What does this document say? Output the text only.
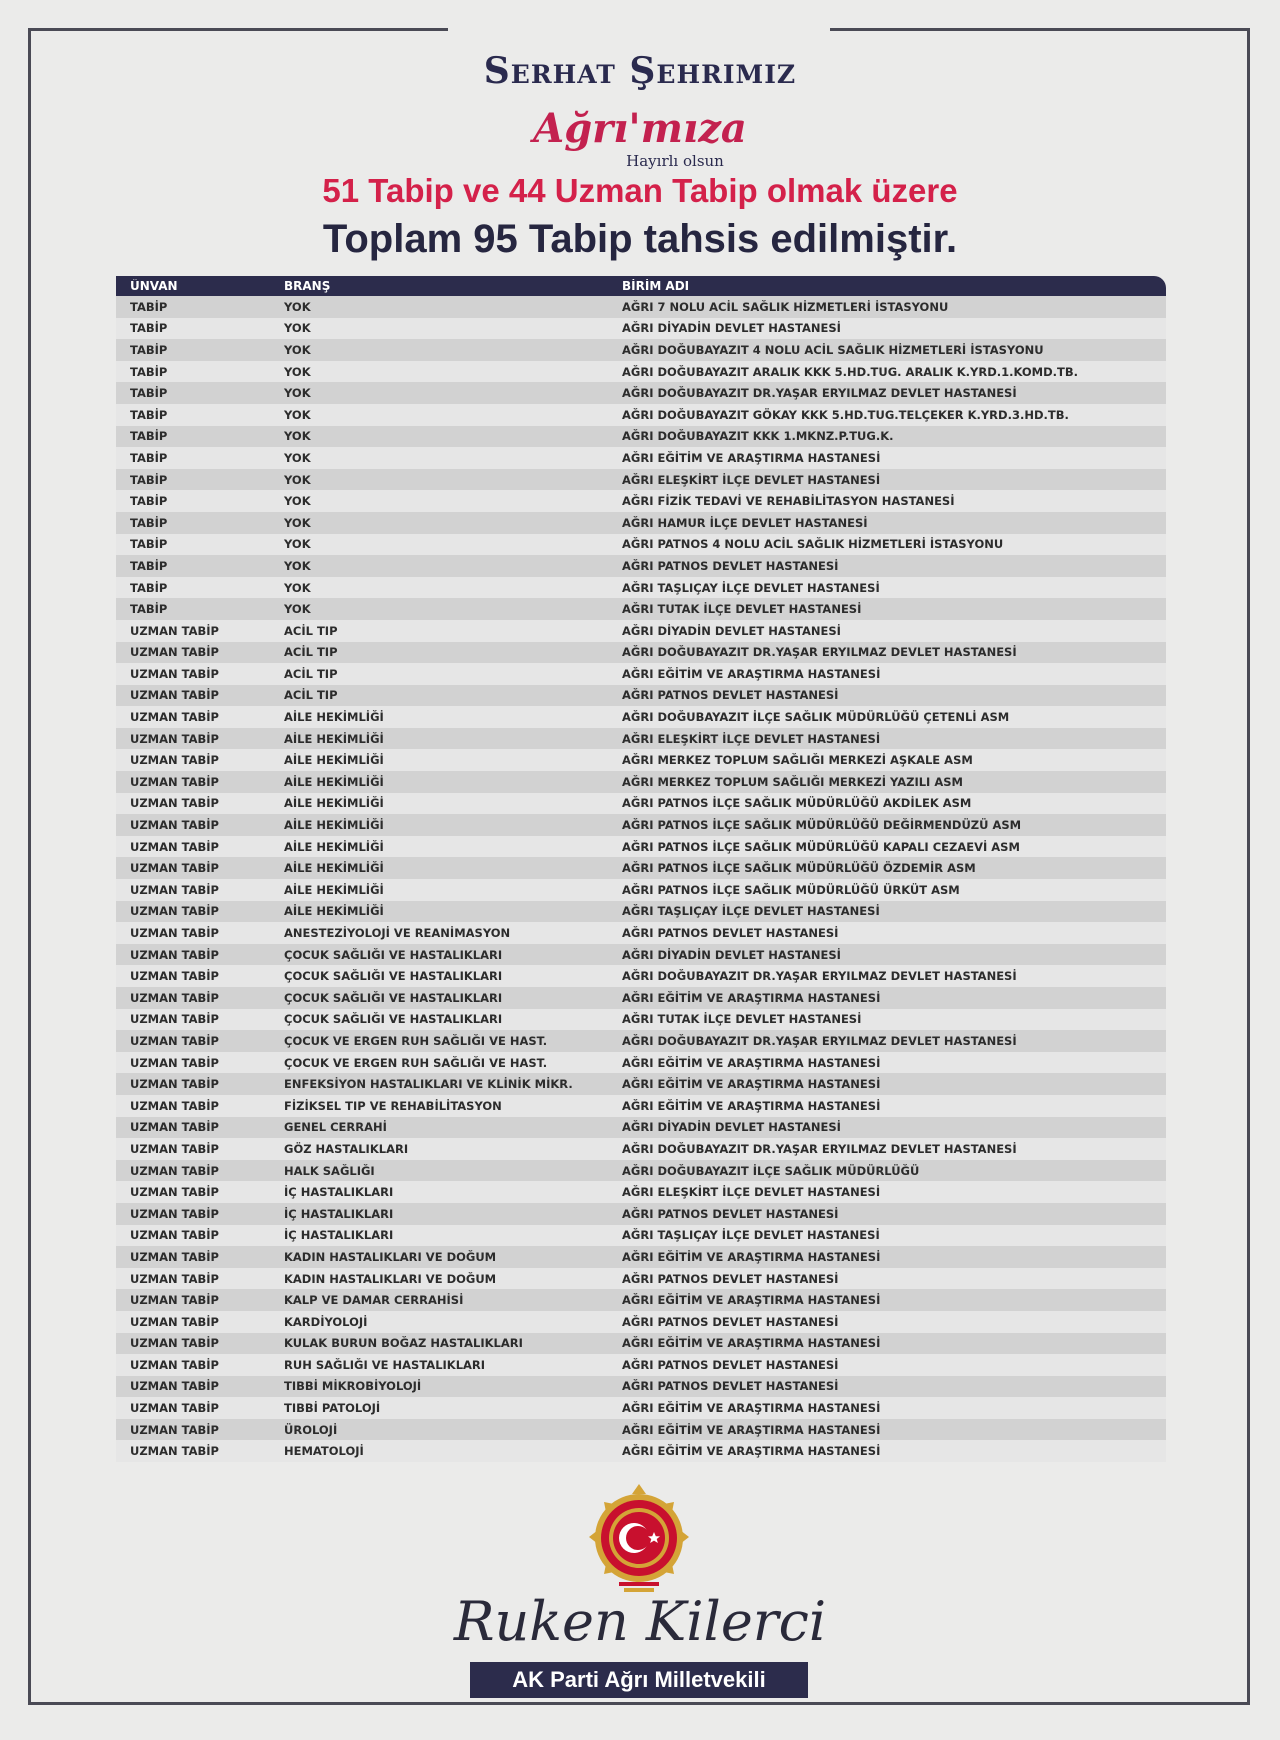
Serhat Şehrimiz
Ağrı'mıza
Hayırlı olsun
51 Tabip ve 44 Uzman Tabip olmak üzere
Toplam 95 Tabip tahsis edilmiştir.
ÜNVAN	BRANŞ	BİRİM ADI
TABİP	YOK	AĞRI 7 NOLU ACİL SAĞLIK HİZMETLERİ İSTASYONU
TABİP	YOK	AĞRI DİYADİN DEVLET HASTANESİ
TABİP	YOK	AĞRI DOĞUBAYAZIT 4 NOLU ACİL SAĞLIK HİZMETLERİ İSTASYONU
TABİP	YOK	AĞRI DOĞUBAYAZIT ARALIK KKK 5.HD.TUG. ARALIK K.YRD.1.KOMD.TB.
TABİP	YOK	AĞRI DOĞUBAYAZIT DR.YAŞAR ERYILMAZ DEVLET HASTANESİ
TABİP	YOK	AĞRI DOĞUBAYAZIT GÖKAY KKK 5.HD.TUG.TELÇEKER K.YRD.3.HD.TB.
TABİP	YOK	AĞRI DOĞUBAYAZIT KKK 1.MKNZ.P.TUG.K.
TABİP	YOK	AĞRI EĞİTİM VE ARAŞTIRMA HASTANESİ
TABİP	YOK	AĞRI ELEŞKİRT İLÇE DEVLET HASTANESİ
TABİP	YOK	AĞRI FİZİK TEDAVİ VE REHABİLİTASYON HASTANESİ
TABİP	YOK	AĞRI HAMUR İLÇE DEVLET HASTANESİ
TABİP	YOK	AĞRI PATNOS 4 NOLU ACİL SAĞLIK HİZMETLERİ İSTASYONU
TABİP	YOK	AĞRI PATNOS DEVLET HASTANESİ
TABİP	YOK	AĞRI TAŞLIÇAY İLÇE DEVLET HASTANESİ
TABİP	YOK	AĞRI TUTAK İLÇE DEVLET HASTANESİ
UZMAN TABİP	ACİL TIP	AĞRI DİYADİN DEVLET HASTANESİ
UZMAN TABİP	ACİL TIP	AĞRI DOĞUBAYAZIT DR.YAŞAR ERYILMAZ DEVLET HASTANESİ
UZMAN TABİP	ACİL TIP	AĞRI EĞİTİM VE ARAŞTIRMA HASTANESİ
UZMAN TABİP	ACİL TIP	AĞRI PATNOS DEVLET HASTANESİ
UZMAN TABİP	AİLE HEKİMLİĞİ	AĞRI DOĞUBAYAZIT İLÇE SAĞLIK MÜDÜRLÜĞÜ ÇETENLİ ASM
UZMAN TABİP	AİLE HEKİMLİĞİ	AĞRI ELEŞKİRT İLÇE DEVLET HASTANESİ
UZMAN TABİP	AİLE HEKİMLİĞİ	AĞRI MERKEZ TOPLUM SAĞLIĞI MERKEZİ AŞKALE ASM
UZMAN TABİP	AİLE HEKİMLİĞİ	AĞRI MERKEZ TOPLUM SAĞLIĞI MERKEZİ YAZILI ASM
UZMAN TABİP	AİLE HEKİMLİĞİ	AĞRI PATNOS İLÇE SAĞLIK MÜDÜRLÜĞÜ AKDİLEK ASM
UZMAN TABİP	AİLE HEKİMLİĞİ	AĞRI PATNOS İLÇE SAĞLIK MÜDÜRLÜĞÜ DEĞİRMENDÜZÜ ASM
UZMAN TABİP	AİLE HEKİMLİĞİ	AĞRI PATNOS İLÇE SAĞLIK MÜDÜRLÜĞÜ KAPALI CEZAEVİ ASM
UZMAN TABİP	AİLE HEKİMLİĞİ	AĞRI PATNOS İLÇE SAĞLIK MÜDÜRLÜĞÜ ÖZDEMİR ASM
UZMAN TABİP	AİLE HEKİMLİĞİ	AĞRI PATNOS İLÇE SAĞLIK MÜDÜRLÜĞÜ ÜRKÜT ASM
UZMAN TABİP	AİLE HEKİMLİĞİ	AĞRI TAŞLIÇAY İLÇE DEVLET HASTANESİ
UZMAN TABİP	ANESTEZİYOLOJİ VE REANİMASYON	AĞRI PATNOS DEVLET HASTANESİ
UZMAN TABİP	ÇOCUK SAĞLIĞI VE HASTALIKLARI	AĞRI DİYADİN DEVLET HASTANESİ
UZMAN TABİP	ÇOCUK SAĞLIĞI VE HASTALIKLARI	AĞRI DOĞUBAYAZIT DR.YAŞAR ERYILMAZ DEVLET HASTANESİ
UZMAN TABİP	ÇOCUK SAĞLIĞI VE HASTALIKLARI	AĞRI EĞİTİM VE ARAŞTIRMA HASTANESİ
UZMAN TABİP	ÇOCUK SAĞLIĞI VE HASTALIKLARI	AĞRI TUTAK İLÇE DEVLET HASTANESİ
UZMAN TABİP	ÇOCUK VE ERGEN RUH SAĞLIĞI VE HAST.	AĞRI DOĞUBAYAZIT DR.YAŞAR ERYILMAZ DEVLET HASTANESİ
UZMAN TABİP	ÇOCUK VE ERGEN RUH SAĞLIĞI VE HAST.	AĞRI EĞİTİM VE ARAŞTIRMA HASTANESİ
UZMAN TABİP	ENFEKSİYON HASTALIKLARI VE KLİNİK MİKR.	AĞRI EĞİTİM VE ARAŞTIRMA HASTANESİ
UZMAN TABİP	FİZİKSEL TIP VE REHABİLİTASYON	AĞRI EĞİTİM VE ARAŞTIRMA HASTANESİ
UZMAN TABİP	GENEL CERRAHİ	AĞRI DİYADİN DEVLET HASTANESİ
UZMAN TABİP	GÖZ HASTALIKLARI	AĞRI DOĞUBAYAZIT DR.YAŞAR ERYILMAZ DEVLET HASTANESİ
UZMAN TABİP	HALK SAĞLIĞI	AĞRI DOĞUBAYAZIT İLÇE SAĞLIK MÜDÜRLÜĞÜ
UZMAN TABİP	İÇ HASTALIKLARI	AĞRI ELEŞKİRT İLÇE DEVLET HASTANESİ
UZMAN TABİP	İÇ HASTALIKLARI	AĞRI PATNOS DEVLET HASTANESİ
UZMAN TABİP	İÇ HASTALIKLARI	AĞRI TAŞLIÇAY İLÇE DEVLET HASTANESİ
UZMAN TABİP	KADIN HASTALIKLARI VE DOĞUM	AĞRI EĞİTİM VE ARAŞTIRMA HASTANESİ
UZMAN TABİP	KADIN HASTALIKLARI VE DOĞUM	AĞRI PATNOS DEVLET HASTANESİ
UZMAN TABİP	KALP VE DAMAR CERRAHİSİ	AĞRI EĞİTİM VE ARAŞTIRMA HASTANESİ
UZMAN TABİP	KARDİYOLOJİ	AĞRI PATNOS DEVLET HASTANESİ
UZMAN TABİP	KULAK BURUN BOĞAZ HASTALIKLARI	AĞRI EĞİTİM VE ARAŞTIRMA HASTANESİ
UZMAN TABİP	RUH SAĞLIĞI VE HASTALIKLARI	AĞRI PATNOS DEVLET HASTANESİ
UZMAN TABİP	TIBBİ MİKROBİYOLOJİ	AĞRI PATNOS DEVLET HASTANESİ
UZMAN TABİP	TIBBİ PATOLOJİ	AĞRI EĞİTİM VE ARAŞTIRMA HASTANESİ
UZMAN TABİP	ÜROLOJİ	AĞRI EĞİTİM VE ARAŞTIRMA HASTANESİ
UZMAN TABİP	HEMATOLOJİ	AĞRI EĞİTİM VE ARAŞTIRMA HASTANESİ
Ruken Kilerci
AK Parti Ağrı Milletvekili
